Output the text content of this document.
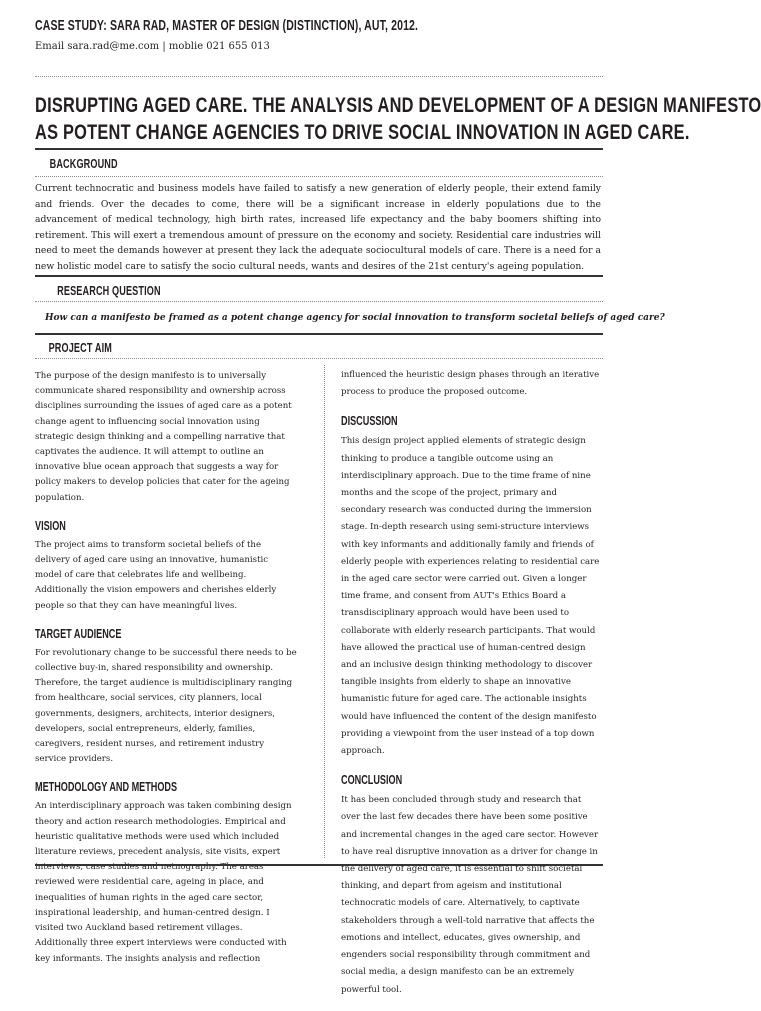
CASE STUDY: SARA RAD, MASTER OF DESIGN (DISTINCTION), AUT, 2012.
Email sara.rad@me.com | moblie 021 655 013
DISRUPTING AGED CARE. THE ANALYSIS AND DEVELOPMENT OF A DESIGN MANIFESTO
AS POTENT CHANGE AGENCIES TO DRIVE SOCIAL INNOVATION IN AGED CARE.
BACKGROUND
Current technocratic and business models have failed to satisfy a new generation of elderly people, their extend family and friends. Over the decades to come, there will be a significant increase in elderly populations due to the advancement of medical technology, high birth rates, increased life expectancy and the baby boomers shifting into retirement. This will exert a tremendous amount of pressure on the economy and society. Residential care industries will need to meet the demands however at present they lack the adequate sociocultural models of care. There is a need for a new holistic model care to satisfy the socio cultural needs, wants and desires of the 21st century's ageing population.
RESEARCH QUESTION
How can a manifesto be framed as a potent change agency for social innovation to transform societal beliefs of aged care?
PROJECT AIM

The purpose of the design manifesto is to universally communicate shared responsibility and ownership across disciplines surrounding the issues of aged care as a potent change agent to influencing social innovation using strategic design thinking and a compelling narrative that captivates the audience. It will attempt to outline an innovative blue ocean approach that suggests a way for policy makers to develop policies that cater for the ageing population.

VISION

The project aims to transform societal beliefs of the delivery of aged care using an innovative, humanistic model of care that celebrates life and wellbeing. Additionally the vision empowers and cherishes elderly people so that they can have meaningful lives.

TARGET AUDIENCE

For revolutionary change to be successful there needs to be collective buy-in, shared responsibility and ownership. Therefore, the target audience is multidisciplinary ranging from healthcare, social services, city planners, local governments, designers, architects, interior designers, developers, social entrepreneurs, elderly, families, caregivers, resident nurses, and retirement industry service providers.

METHODOLOGY AND METHODS

An interdisciplinary approach was taken combining design theory and action research methodologies. Empirical and heuristic qualitative methods were used which included literature reviews, precedent analysis, site visits, expert interviews, case studies and netnography. The areas reviewed were residential care, ageing in place, and inequalities of human rights in the aged care sector, inspirational leadership, and human-centred design. I visited two Auckland based retirement villages. Additionally three expert interviews were conducted with key informants. The insights analysis and reflection

influenced the heuristic design phases through an iterative process to produce the proposed outcome.

DISCUSSION

This design project applied elements of strategic design thinking to produce a tangible outcome using an interdisciplinary approach. Due to the time frame of nine months and the scope of the project, primary and secondary research was conducted during the immersion stage. In-depth research using semi-structure interviews with key informants and additionally family and friends of elderly people with experiences relating to residential care in the aged care sector were carried out. Given a longer time frame, and consent from AUT's Ethics Board a transdisciplinary approach would have been used to collaborate with elderly research participants. That would have allowed the practical use of human-centred design and an inclusive design thinking methodology to discover tangible insights from elderly to shape an innovative humanistic future for aged care. The actionable insights would have influenced the content of the design manifesto providing a viewpoint from the user instead of a top down approach.

CONCLUSION

It has been concluded through study and research that over the last few decades there have been some positive and incremental changes in the aged care sector. However to have real disruptive innovation as a driver for change in the delivery of aged care, it is essential to shift societal thinking, and depart from ageism and institutional technocratic models of care. Alternatively, to captivate stakeholders through a well-told narrative that affects the emotions and intellect, educates, gives ownership, and engenders social responsibility through commitment and social media, a design manifesto can be an extremely powerful tool.
